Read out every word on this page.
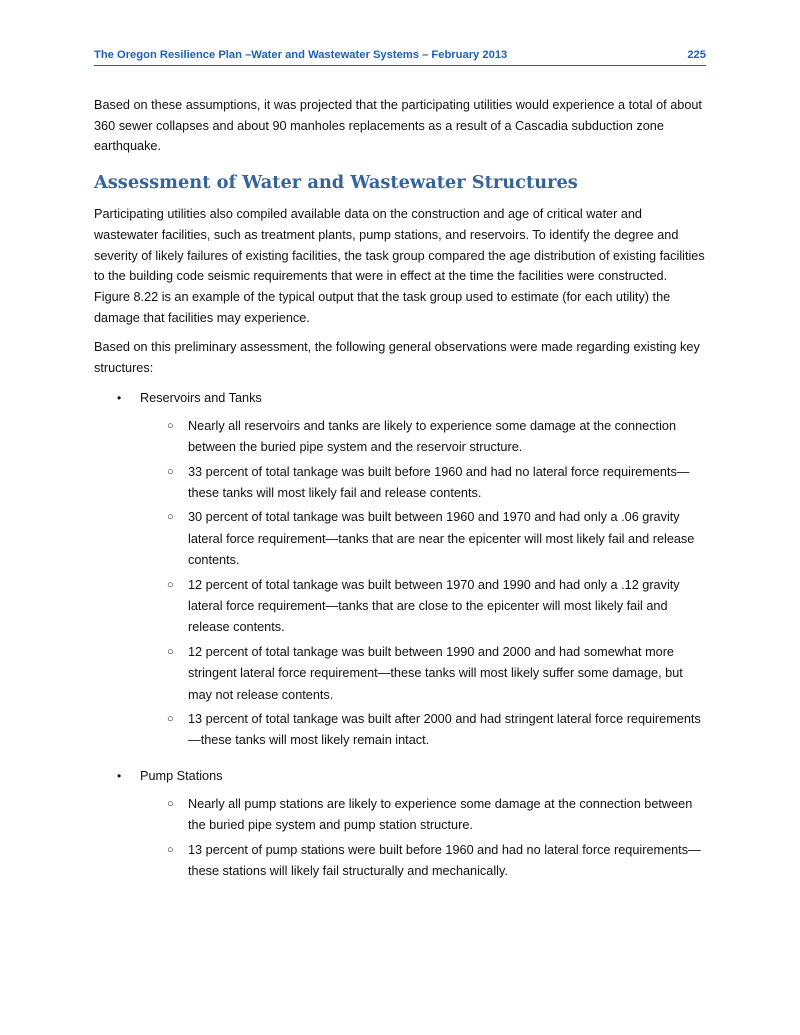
The Oregon Resilience Plan –Water and Wastewater Systems – February 2013	225

Based on these assumptions, it was projected that the participating utilities would experience a total of about 360 sewer collapses and about 90 manholes replacements as a result of a Cascadia subduction zone earthquake.

Assessment of Water and Wastewater Structures

Participating utilities also compiled available data on the construction and age of critical water and wastewater facilities, such as treatment plants, pump stations, and reservoirs. To identify the degree and severity of likely failures of existing facilities, the task group compared the age distribution of existing facilities to the building code seismic requirements that were in effect at the time the facilities were constructed. Figure 8.22 is an example of the typical output that the task group used to estimate (for each utility) the damage that facilities may experience.

Based on this preliminary assessment, the following general observations were made regarding existing key structures:

•	Reservoirs and Tanks
○ Nearly all reservoirs and tanks are likely to experience some damage at the connection between the buried pipe system and the reservoir structure.
○ 33 percent of total tankage was built before 1960 and had no lateral force requirements—these tanks will most likely fail and release contents.
○ 30 percent of total tankage was built between 1960 and 1970 and had only a .06 gravity lateral force requirement—tanks that are near the epicenter will most likely fail and release contents.
○ 12 percent of total tankage was built between 1970 and 1990 and had only a .12 gravity lateral force requirement—tanks that are close to the epicenter will most likely fail and release contents.
○ 12 percent of total tankage was built between 1990 and 2000 and had somewhat more stringent lateral force requirement—these tanks will most likely suffer some damage, but may not release contents.
○ 13 percent of total tankage was built after 2000 and had stringent lateral force requirements—these tanks will most likely remain intact.
•	Pump Stations
○ Nearly all pump stations are likely to experience some damage at the connection between the buried pipe system and pump station structure.
○ 13 percent of pump stations were built before 1960 and had no lateral force requirements—these stations will likely fail structurally and mechanically.
